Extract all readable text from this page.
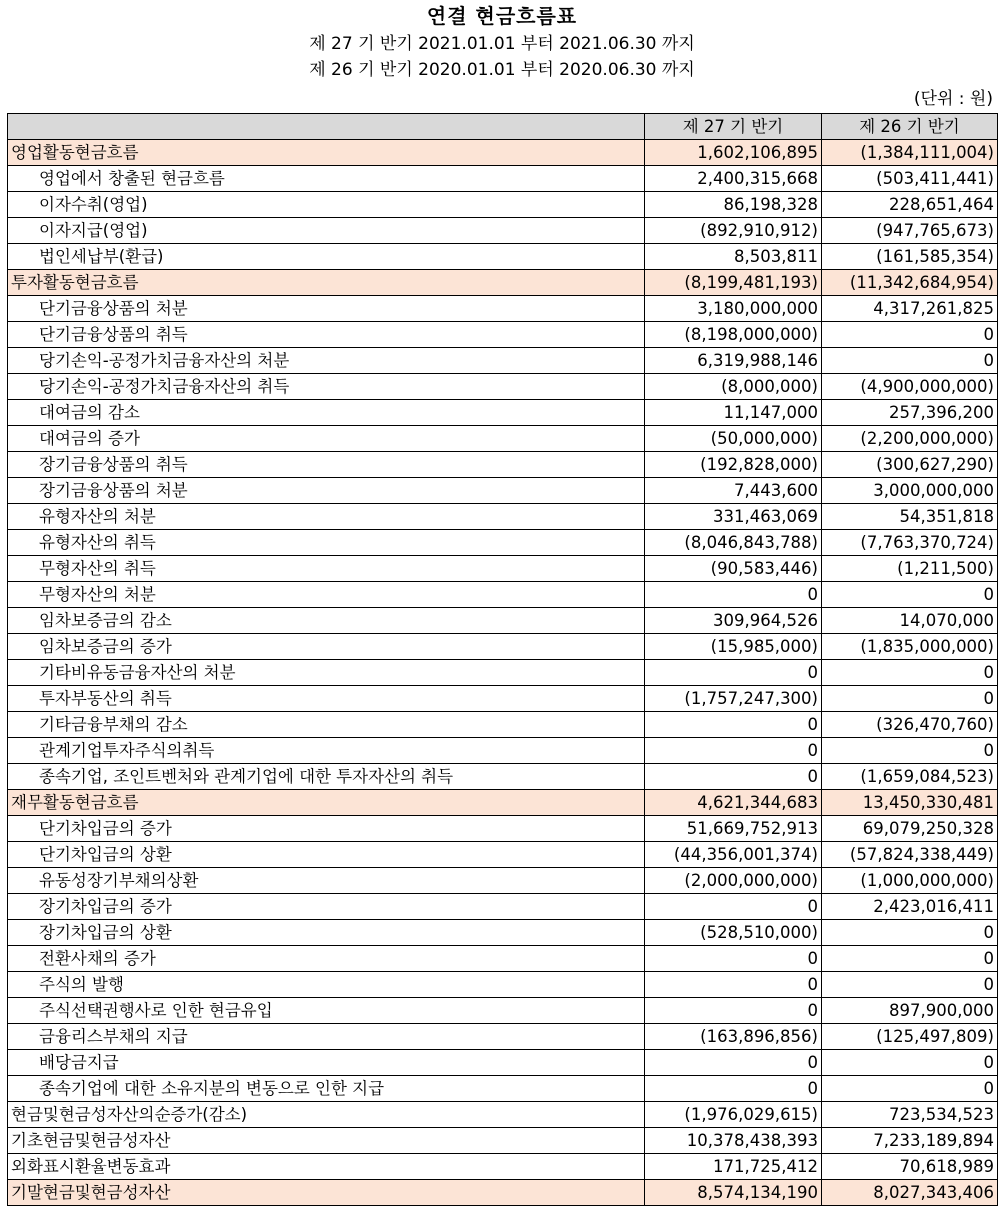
연결 현금흐름표
제 27 기 반기 2021.01.01 부터 2021.06.30 까지
제 26 기 반기 2020.01.01 부터 2020.06.30 까지
(단위 : 원)
	제 27 기 반기	제 26 기 반기
영업활동현금흐름	1,602,106,895	(1,384,111,004)
영업에서 창출된 현금흐름	2,400,315,668	(503,411,441)
이자수취(영업)	86,198,328	228,651,464
이자지급(영업)	(892,910,912)	(947,765,673)
법인세납부(환급)	8,503,811	(161,585,354)
투자활동현금흐름	(8,199,481,193)	(11,342,684,954)
단기금융상품의 처분	3,180,000,000	4,317,261,825
단기금융상품의 취득	(8,198,000,000)	0
당기손익-공정가치금융자산의 처분	6,319,988,146	0
당기손익-공정가치금융자산의 취득	(8,000,000)	(4,900,000,000)
대여금의 감소	11,147,000	257,396,200
대여금의 증가	(50,000,000)	(2,200,000,000)
장기금융상품의 취득	(192,828,000)	(300,627,290)
장기금융상품의 처분	7,443,600	3,000,000,000
유형자산의 처분	331,463,069	54,351,818
유형자산의 취득	(8,046,843,788)	(7,763,370,724)
무형자산의 취득	(90,583,446)	(1,211,500)
무형자산의 처분	0	0
임차보증금의 감소	309,964,526	14,070,000
임차보증금의 증가	(15,985,000)	(1,835,000,000)
기타비유동금융자산의 처분	0	0
투자부동산의 취득	(1,757,247,300)	0
기타금융부채의 감소	0	(326,470,760)
관계기업투자주식의취득	0	0
종속기업, 조인트벤처와 관계기업에 대한 투자자산의 취득	0	(1,659,084,523)
재무활동현금흐름	4,621,344,683	13,450,330,481
단기차입금의 증가	51,669,752,913	69,079,250,328
단기차입금의 상환	(44,356,001,374)	(57,824,338,449)
유동성장기부채의상환	(2,000,000,000)	(1,000,000,000)
장기차입금의 증가	0	2,423,016,411
장기차입금의 상환	(528,510,000)	0
전환사채의 증가	0	0
주식의 발행	0	0
주식선택권행사로 인한 현금유입	0	897,900,000
금융리스부채의 지급	(163,896,856)	(125,497,809)
배당금지급	0	0
종속기업에 대한 소유지분의 변동으로 인한 지급	0	0
현금및현금성자산의순증가(감소)	(1,976,029,615)	723,534,523
기초현금및현금성자산	10,378,438,393	7,233,189,894
외화표시환율변동효과	171,725,412	70,618,989
기말현금및현금성자산	8,574,134,190	8,027,343,406
